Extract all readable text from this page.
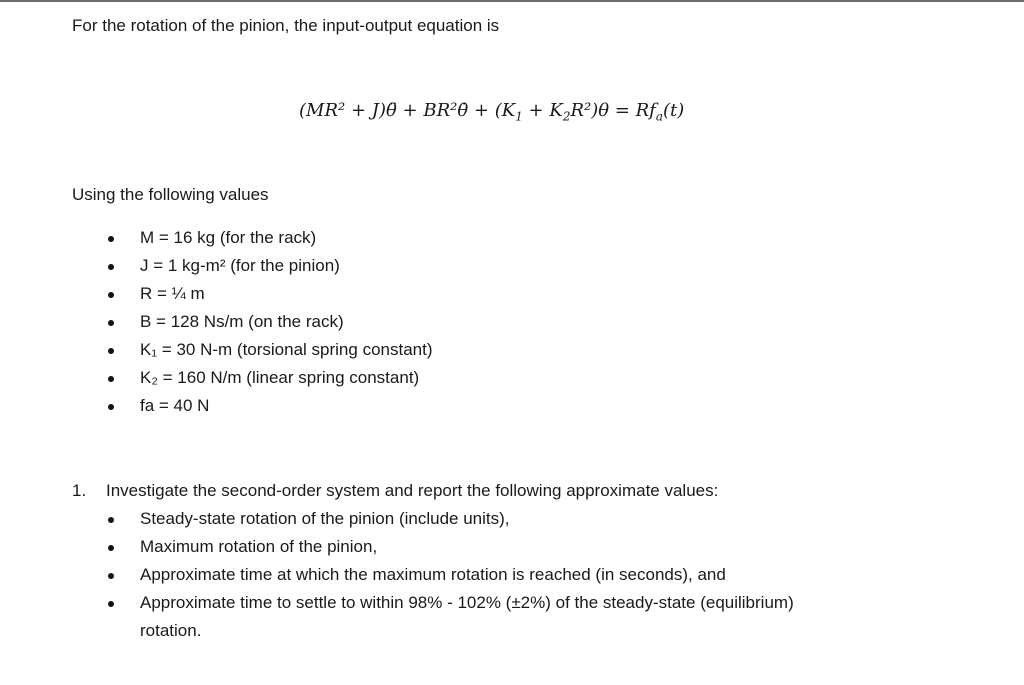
For the rotation of the pinion, the input-output equation is
(MR² + J)θ̈ + BR²θ̇ + $(K_1 + K_2R^2)\theta = Rf_a(t)$
Using the following values
M = 16 kg (for the rack)
J = 1 kg-m² (for the pinion)
R = ¼ m
B = 128 Ns/m (on the rack)
K₁ = 30 N-m (torsional spring constant)
K₂ = 160 N/m (linear spring constant)
fa = 40 N
1. Investigate the second-order system and report the following approximate values:
Steady-state rotation of the pinion (include units),
Maximum rotation of the pinion,
Approximate time at which the maximum rotation is reached (in seconds), and
Approximate time to settle to within 98% - 102% (±2%) of the steady-state (equilibrium)
rotation.
